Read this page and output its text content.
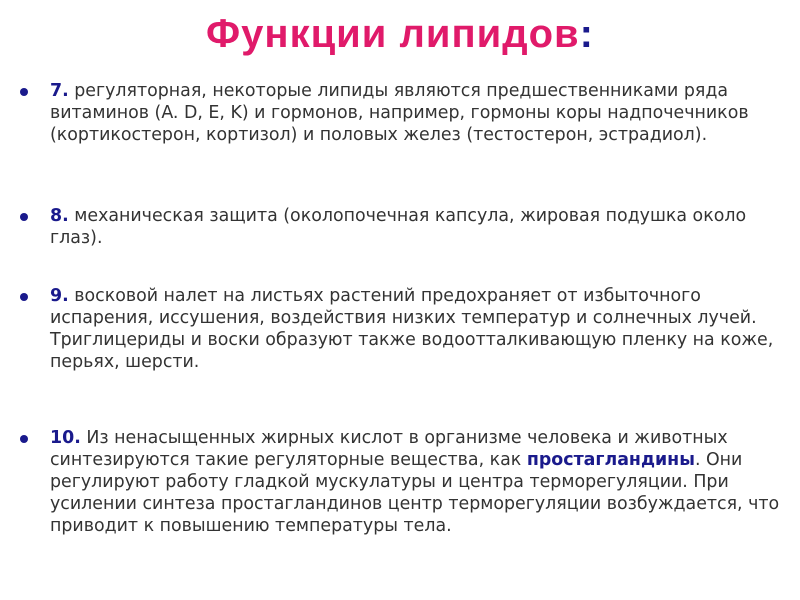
Функции липидов:
7. регуляторная, некоторые липиды являются предшественниками ряда витаминов (A. D, E, K) и гормонов, например, гормоны коры надпочечников (кортикостерон, кортизол) и половых желез (тестостерон, эстрадиол).
8. механическая защита (околопочечная капсула, жировая подушка около глаз).
9. восковой налет на листьях растений предохраняет от избыточного испарения, иссушения, воздействия низких температур и солнечных лучей. Триглицериды и воски образуют также водоотталкивающую пленку на коже, перьях, шерсти.
10. Из ненасыщенных жирных кислот в организме человека и животных синтезируются такие регуляторные вещества, как простагландины. Они регулируют работу гладкой мускулатуры и центра терморегуляции. При усилении синтеза простагландинов центр терморегуляции возбуждается, что приводит к повышению температуры тела.
